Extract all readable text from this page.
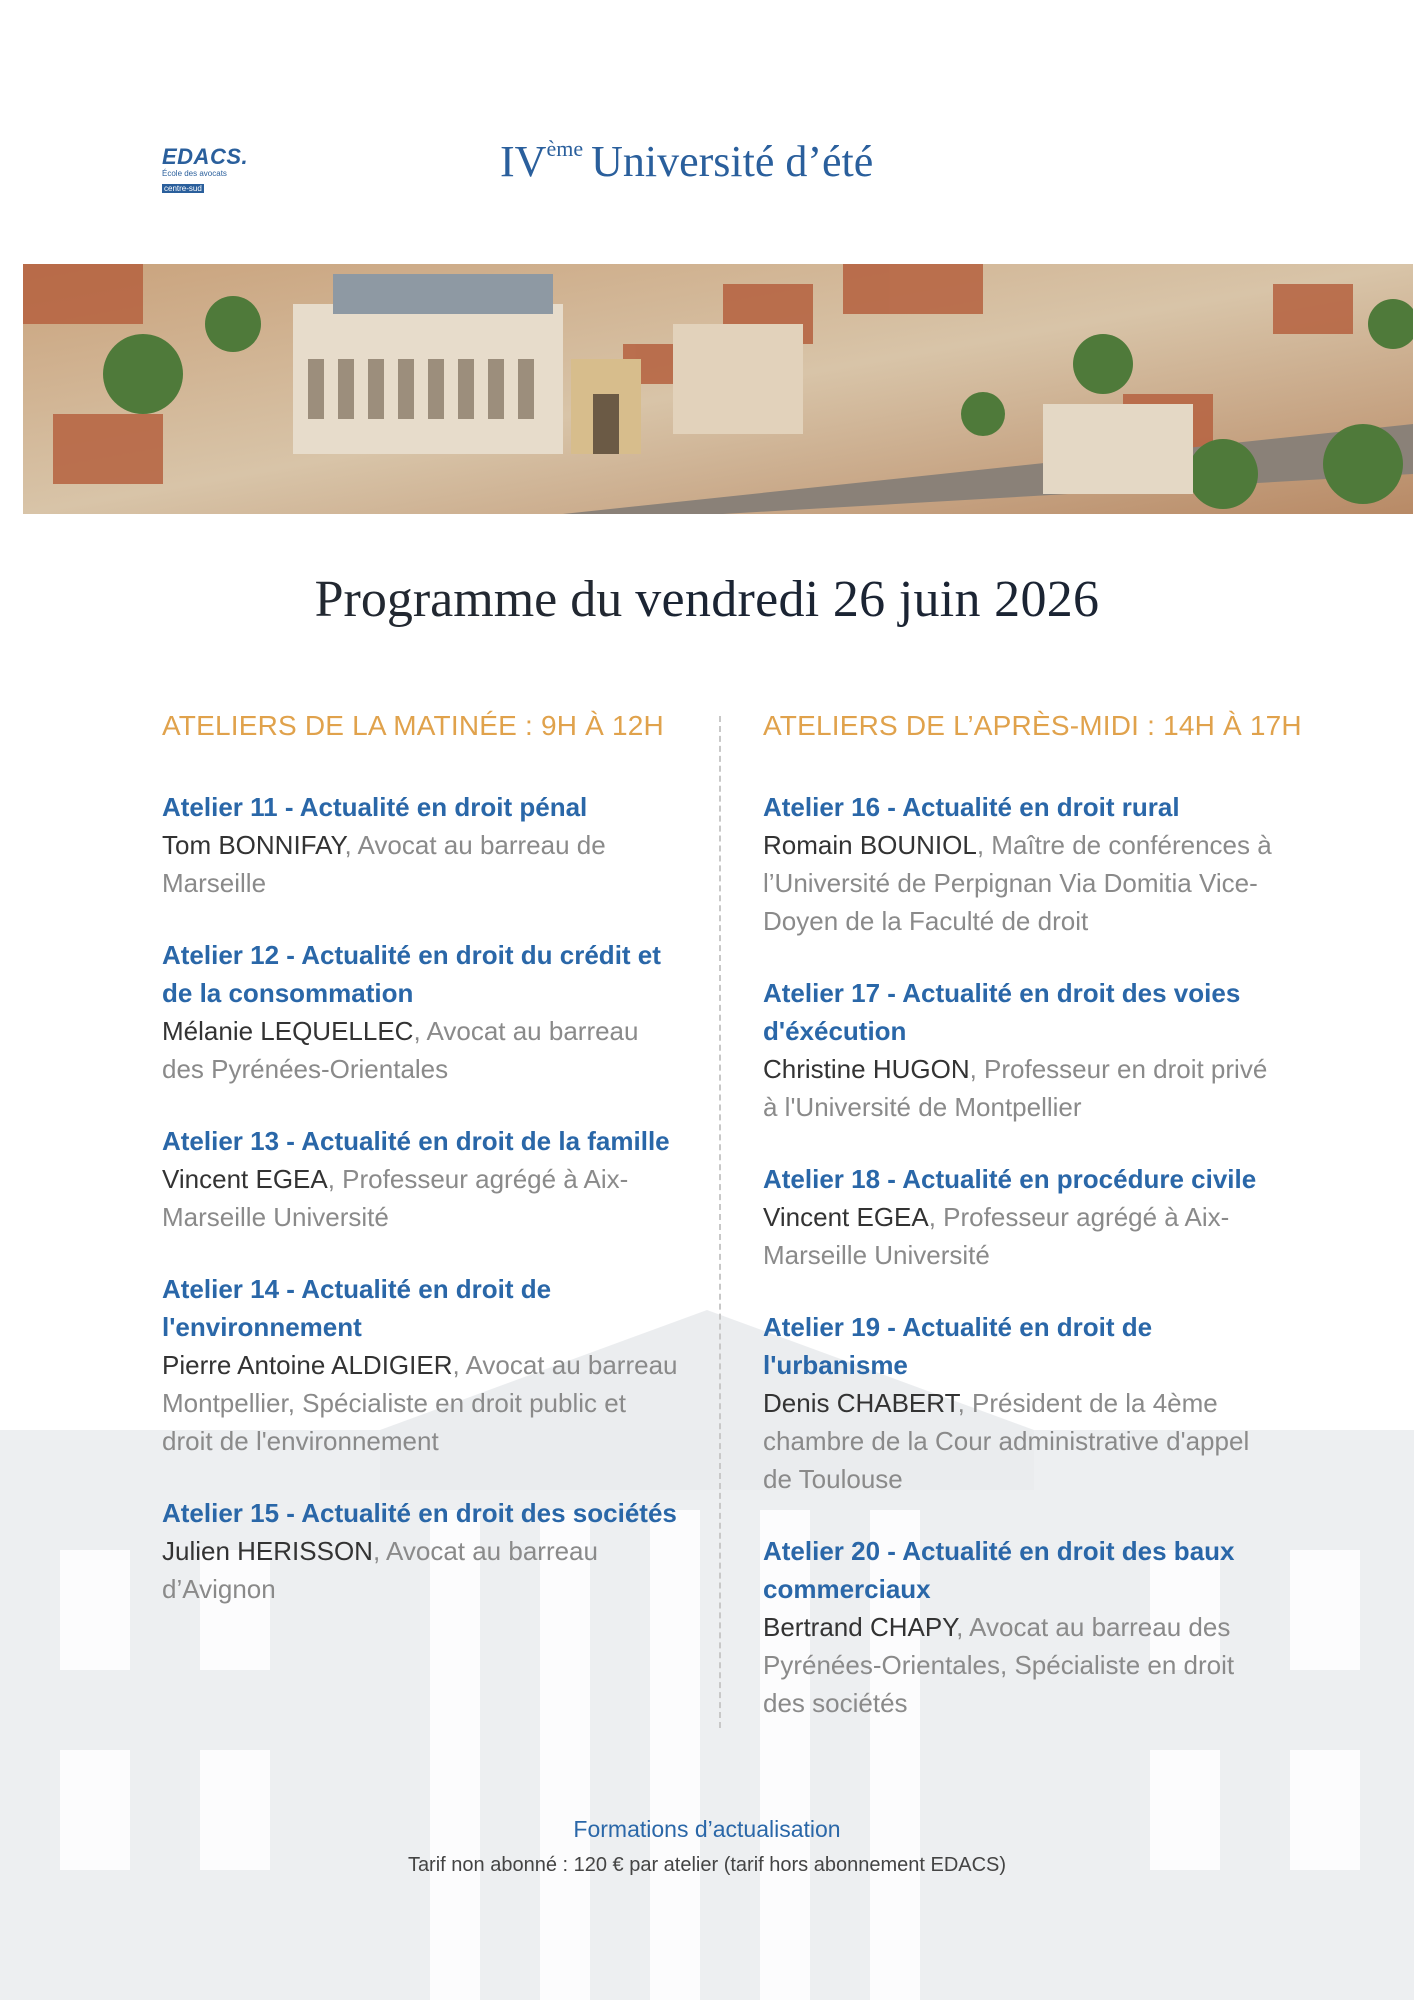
EDACS.
École des avocats
centre-sud
IVème Université d’été
Programme du vendredi 26 juin 2026
ATELIERS DE LA MATINÉE : 9H À 12H
Atelier 11 - Actualité en droit pénal
Tom BONNIFAY, Avocat au barreau de Marseille
Atelier 12 - Actualité en droit du crédit et de la consommation
Mélanie LEQUELLEC, Avocat au barreau des Pyrénées-Orientales
Atelier 13 - Actualité en droit de la famille
Vincent EGEA, Professeur agrégé à Aix-Marseille Université
Atelier 14 - Actualité en droit de l'environnement
Pierre Antoine ALDIGIER, Avocat au barreau Montpellier, Spécialiste en droit public et droit de l'environnement
Atelier 15 - Actualité en droit des sociétés
Julien HERISSON, Avocat au barreau d’Avignon
ATELIERS DE L’APRÈS-MIDI : 14H À 17H
Atelier 16 - Actualité en droit rural
Romain BOUNIOL, Maître de conférences à l’Université de Perpignan Via Domitia Vice-Doyen de la Faculté de droit
Atelier 17 - Actualité en droit des voies d'éxécution
Christine HUGON, Professeur en droit privé à l'Université de Montpellier
Atelier 18 - Actualité en procédure civile
Vincent EGEA, Professeur agrégé à Aix-Marseille Université
Atelier 19 - Actualité en droit de l'urbanisme
Denis CHABERT, Président de la 4ème chambre de la Cour administrative d'appel de Toulouse
Atelier 20 - Actualité en droit des baux commerciaux
Bertrand CHAPY, Avocat au barreau des Pyrénées-Orientales, Spécialiste en droit des sociétés
Formations d’actualisation
Tarif non abonné : 120 € par atelier (tarif hors abonnement EDACS)
